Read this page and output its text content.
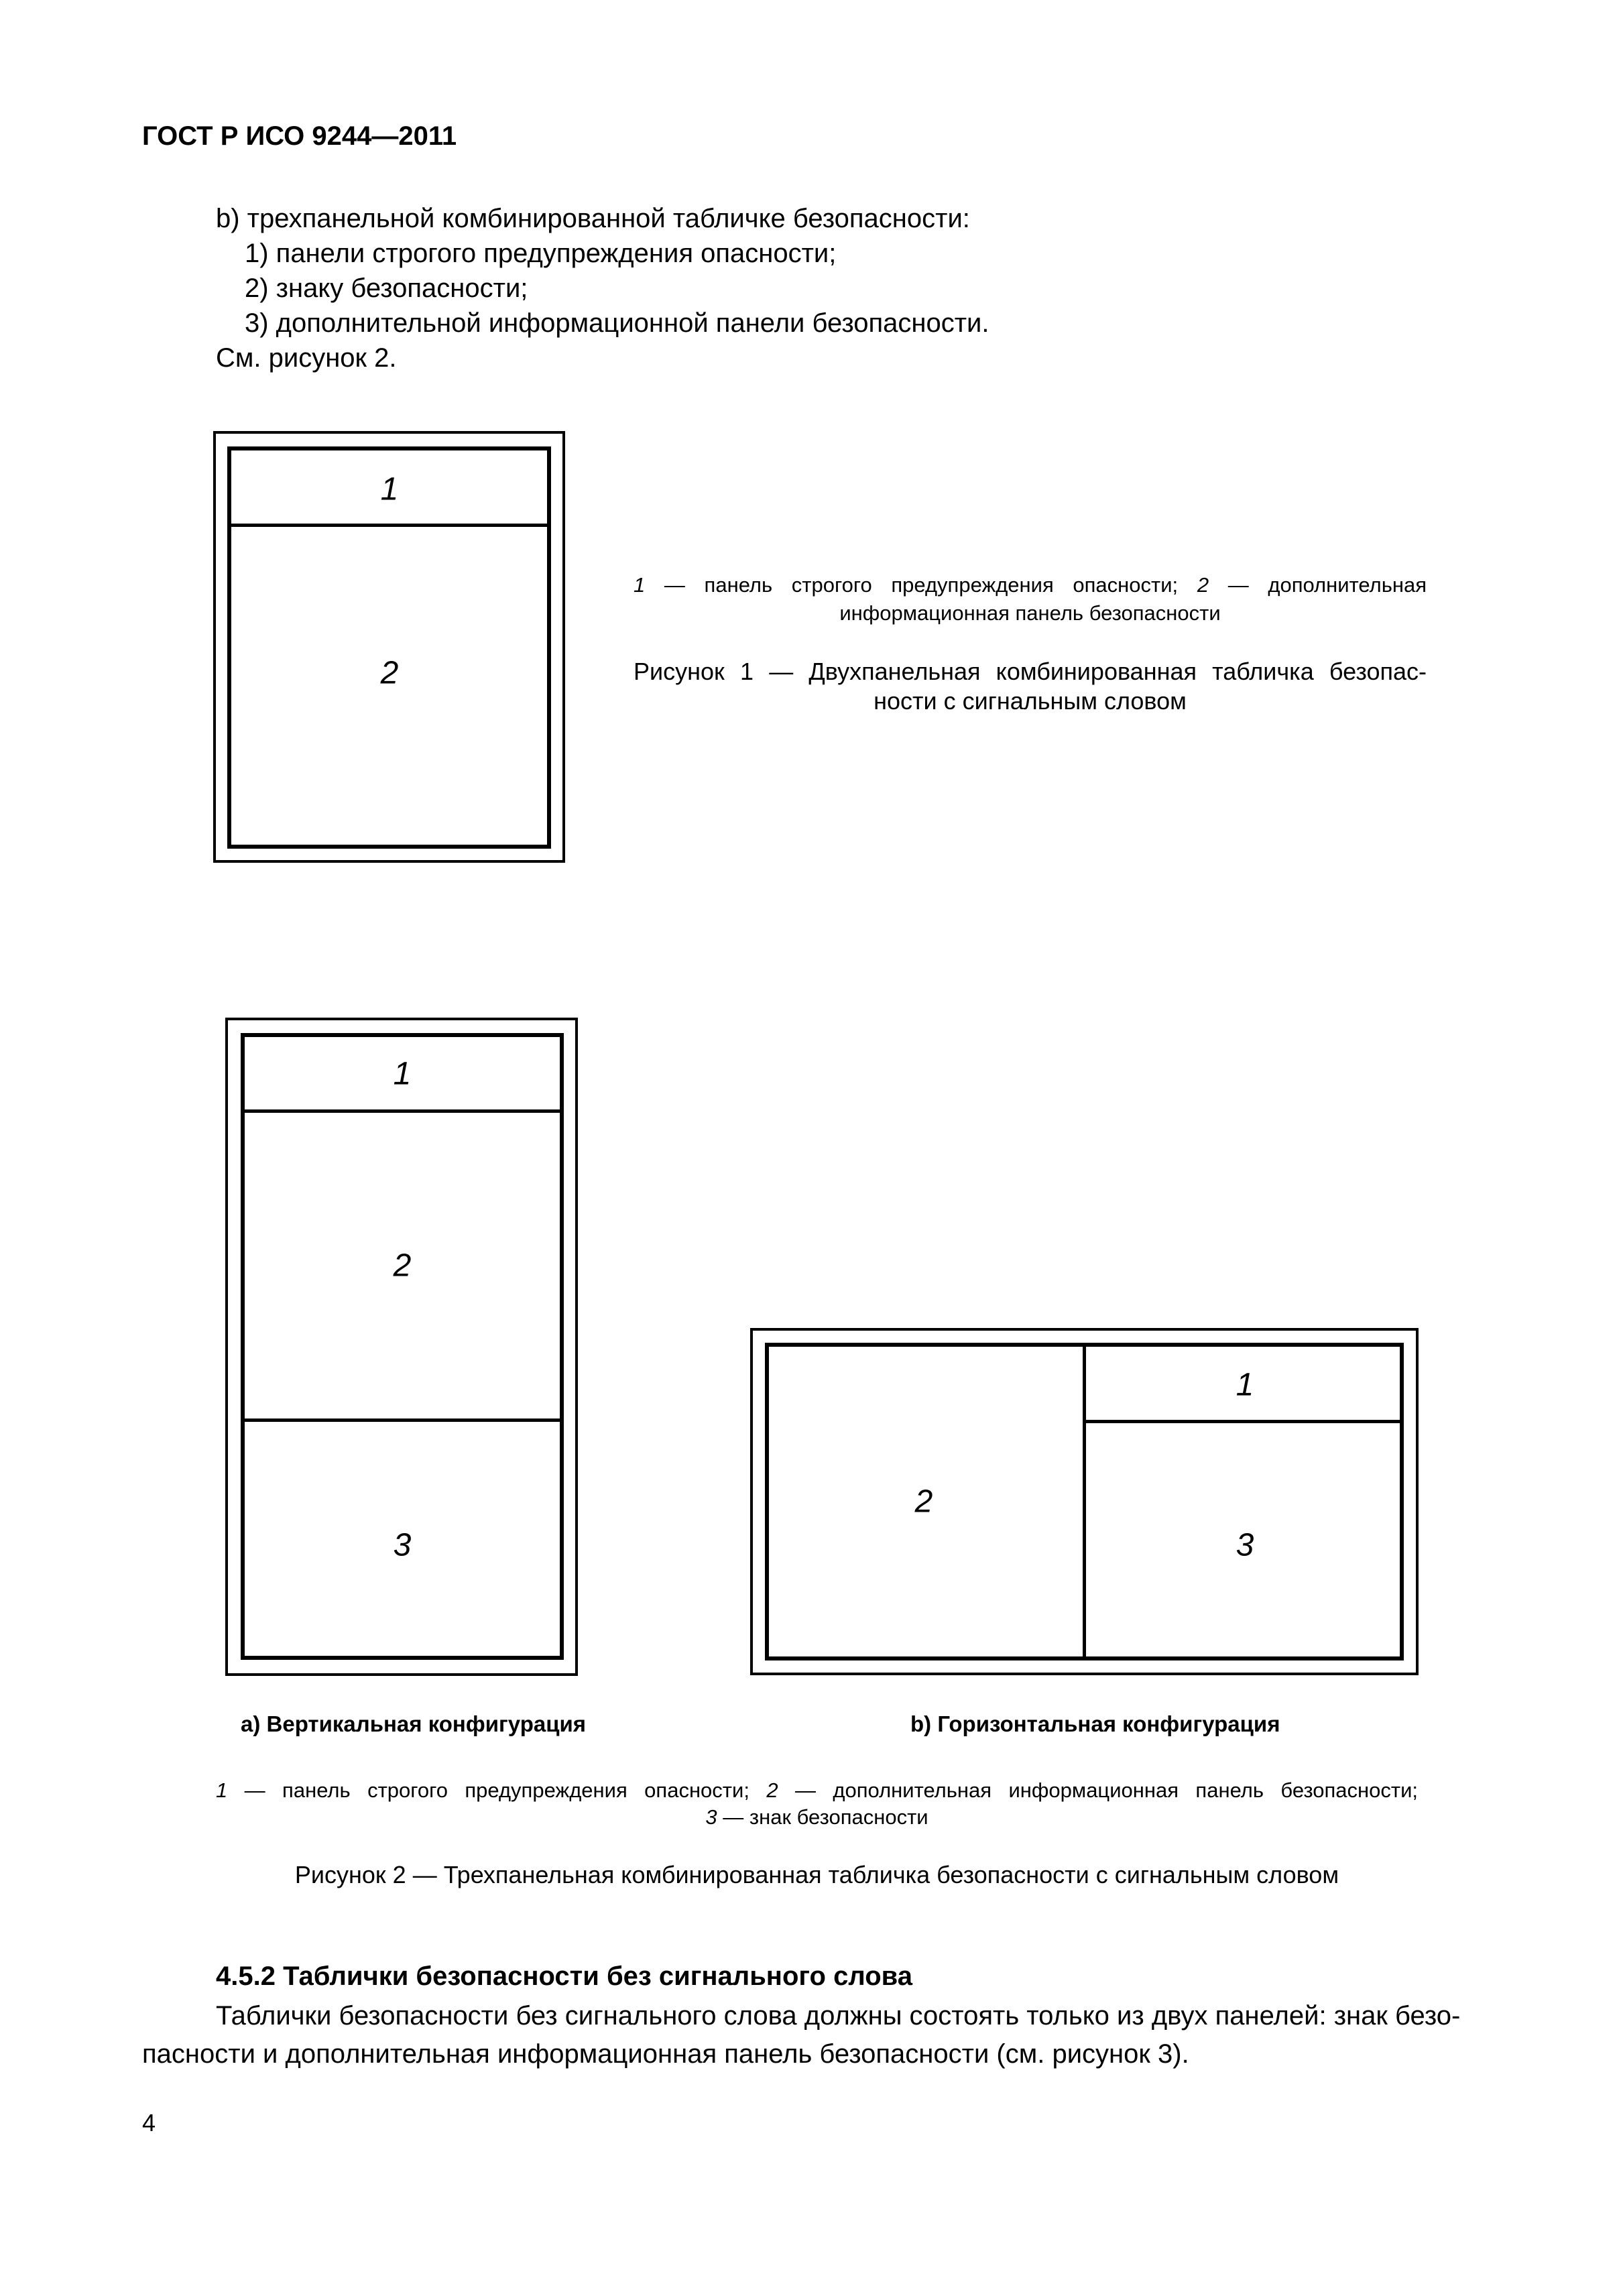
ГОСТ Р ИСО 9244—2011
b) трехпанельной комбинированной табличке безопасности:
1) панели строгого предупреждения опасности;
2) знаку безопасности;
3) дополнительной информационной панели безопасности.
См. рисунок 2.
1
2
1 — панель строгого предупреждения опасности; 2 — дополнительная
информационная панель безопасности
Рисунок 1 — Двухпанельная комбинированная табличка безопас-
ности с сигнальным словом
1
2
3
а) Вертикальная конфигурация
2
1
3
b) Горизонтальная конфигурация
1 — панель строгого предупреждения опасности; 2 — дополнительная информационная панель безопасности;
3 — знак безопасности
Рисунок 2 — Трехпанельная комбинированная табличка безопасности с сигнальным словом
4.5.2 Таблички безопасности без сигнального слова
Таблички безопасности без сигнального слова должны состоять только из двух панелей: знак безо-
пасности и дополнительная информационная панель безопасности (см. рисунок 3).
4
